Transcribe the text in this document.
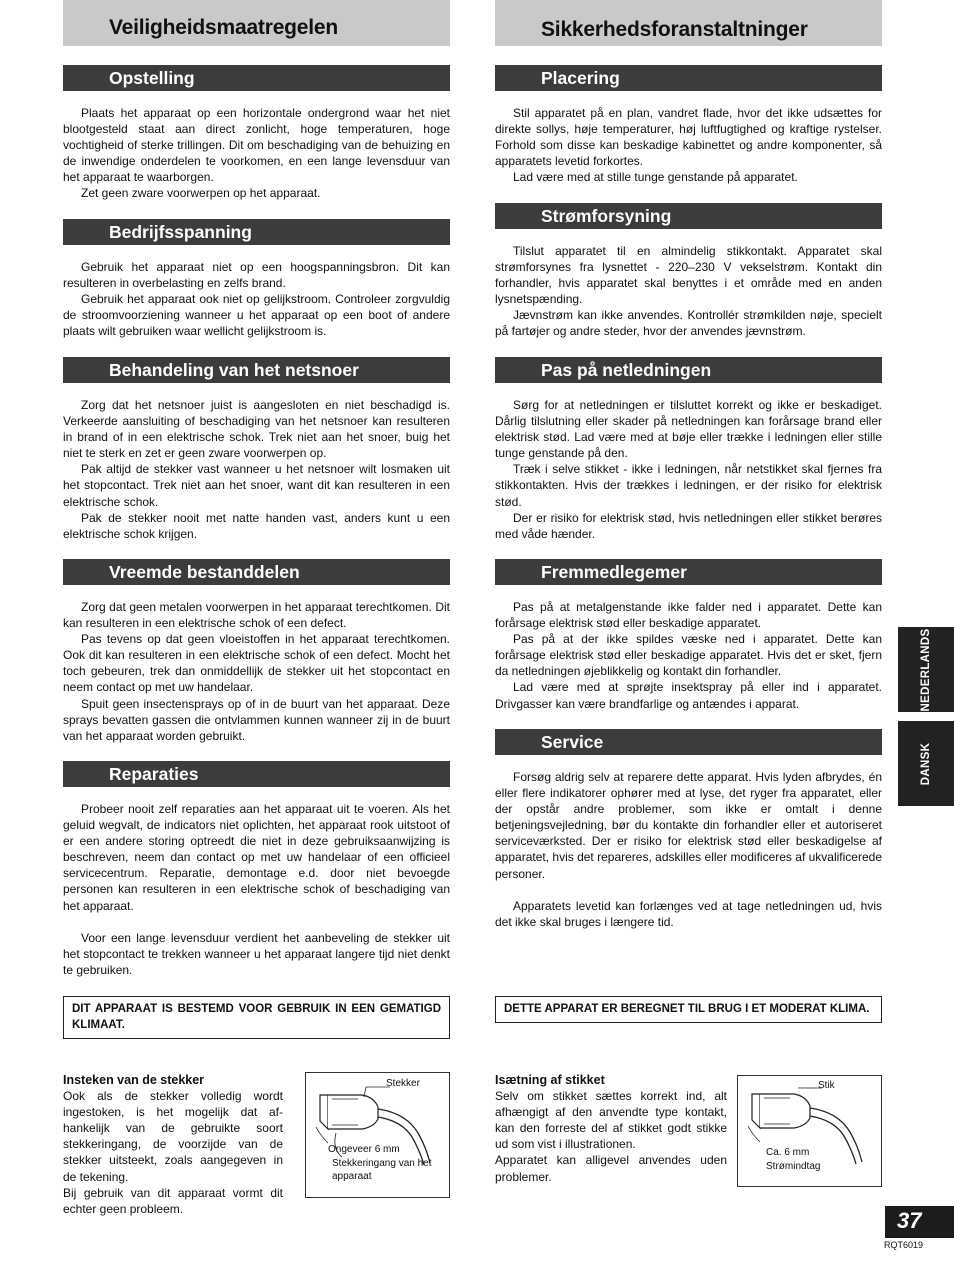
Veiligheidsmaatregelen
Opstelling

Plaats het apparaat op een horizontale ondergrond waar het niet blootgesteld staat aan direct zonlicht, hoge temperaturen, hoge vochtigheid of sterke trillingen. Dit om beschadiging van de behuizing en de inwendige onderdelen te voorkomen, en een lange levensduur van het apparaat te waarborgen.

Zet geen zware voorwerpen op het apparaat.

Bedrijfsspanning

Gebruik het apparaat niet op een hoogspanningsbron. Dit kan resulteren in overbelasting en zelfs brand.

Gebruik het apparaat ook niet op gelijkstroom. Controleer zorgvuldig de stroomvoorziening wanneer u het apparaat op een boot of andere plaats wilt gebruiken waar wellicht gelijkstroom is.

Behandeling van het netsnoer

Zorg dat het netsnoer juist is aangesloten en niet beschadigd is. Verkeerde aansluiting of beschadiging van het netsnoer kan resulteren in brand of in een elektrische schok. Trek niet aan het snoer, buig het niet te sterk en zet er geen zware voorwerpen op.

Pak altijd de stekker vast wanneer u het netsnoer wilt losmaken uit het stopcontact. Trek niet aan het snoer, want dit kan resulteren in een elektrische schok.

Pak de stekker nooit met natte handen vast, anders kunt u een elektrische schok krijgen.

Vreemde bestanddelen

Zorg dat geen metalen voorwerpen in het apparaat terechtkomen. Dit kan resulteren in een elektrische schok of een defect.

Pas tevens op dat geen vloeistoffen in het apparaat terechtkomen. Ook dit kan resulteren in een elektrische schok of een defect. Mocht het toch gebeuren, trek dan onmiddellijk de stekker uit het stopcontact en neem contact op met uw handelaar.

Spuit geen insectensprays op of in de buurt van het apparaat. Deze sprays bevatten gassen die ontvlammen kunnen wanneer zij in de buurt van het apparaat worden gebruikt.

Reparaties

Probeer nooit zelf reparaties aan het apparaat uit te voeren. Als het geluid wegvalt, de indicators niet oplichten, het apparaat rook uitstoot of er een andere storing optreedt die niet in deze gebruiksaanwijzing is beschreven, neem dan contact op met uw handelaar of een officieel servicecentrum. Reparatie, demontage e.d. door niet bevoegde personen kan resulteren in een elektrische schok of beschadiging van het apparaat.

Voor een lange levensduur verdient het aanbeveling de stekker uit het stopcontact te trekken wanneer u het apparaat langere tijd niet denkt te gebruiken.

DIT APPARAAT IS BESTEMD VOOR GEBRUIK IN EEN GEMATIGD KLIMAAT.
Insteken van de stekker
Ook als de stekker volledig wordt ingestoken, is het mogelijk dat af-hankelijk van de gebruikte soort stekkeringang, de voorzijde van de stekker uitsteekt, zoals aangegeven in de tekening.
Bij gebruik van dit apparaat vormt dit echter geen probleem.
Stekker
Ongeveer 6 mm
Stekkeringang van het apparaat
Sikkerhedsforanstaltninger
Placering

Stil apparatet på en plan, vandret flade, hvor det ikke udsættes for direkte sollys, høje temperaturer, høj luftfugtighed og kraftige rystelser. Forhold som disse kan beskadige kabinettet og andre komponenter, så apparatets levetid forkortes.

Lad være med at stille tunge genstande på apparatet.

Strømforsyning

Tilslut apparatet til en almindelig stikkontakt. Apparatet skal strømforsynes fra lysnettet - 220–230 V vekselstrøm. Kontakt din forhandler, hvis apparatet skal benyttes i et område med en anden lysnetspænding.

Jævnstrøm kan ikke anvendes. Kontrollér strømkilden nøje, specielt på fartøjer og andre steder, hvor der anvendes jævnstrøm.

Pas på netledningen

Sørg for at netledningen er tilsluttet korrekt og ikke er beskadiget. Dårlig tilslutning eller skader på netledningen kan forårsage brand eller elektrisk stød. Lad være med at bøje eller trække i ledningen eller stille tunge genstande på den.

Træk i selve stikket - ikke i ledningen, når netstikket skal fjernes fra stikkontakten. Hvis der trækkes i ledningen, er der risiko for elektrisk stød.

Der er risiko for elektrisk stød, hvis netledningen eller stikket berøres med våde hænder.

Fremmedlegemer

Pas på at metalgenstande ikke falder ned i apparatet. Dette kan forårsage elektrisk stød eller beskadige apparatet.

Pas på at der ikke spildes væske ned i apparatet. Dette kan forårsage elektrisk stød eller beskadige apparatet. Hvis det er sket, fjern da netledningen øjeblikkelig og kontakt din forhandler.

Lad være med at sprøjte insektspray på eller ind i apparatet. Drivgasser kan være brandfarlige og antændes i apparat.

Service

Forsøg aldrig selv at reparere dette apparat. Hvis lyden afbrydes, én eller flere indikatorer ophører med at lyse, det ryger fra apparatet, eller der opstår andre problemer, som ikke er omtalt i denne betjeningsvejledning, bør du kontakte din forhandler eller et autoriseret serviceværksted. Der er risiko for elektrisk stød eller beskadigelse af apparatet, hvis det repareres, adskilles eller modificeres af ukvalificerede personer.

Apparatets levetid kan forlænges ved at tage netledningen ud, hvis det ikke skal bruges i længere tid.

DETTE APPARAT ER BEREGNET TIL BRUG I ET MODERAT KLIMA.
Isætning af stikket
Selv om stikket sættes korrekt ind, alt afhængigt af den anvendte type kontakt, kan den forreste del af stikket godt stikke ud som vist i illustrationen.
Apparatet kan alligevel anvendes uden problemer.
Stik
Ca. 6 mm
Strømindtag
NEDERLANDS
DANSK
37
RQT6019
